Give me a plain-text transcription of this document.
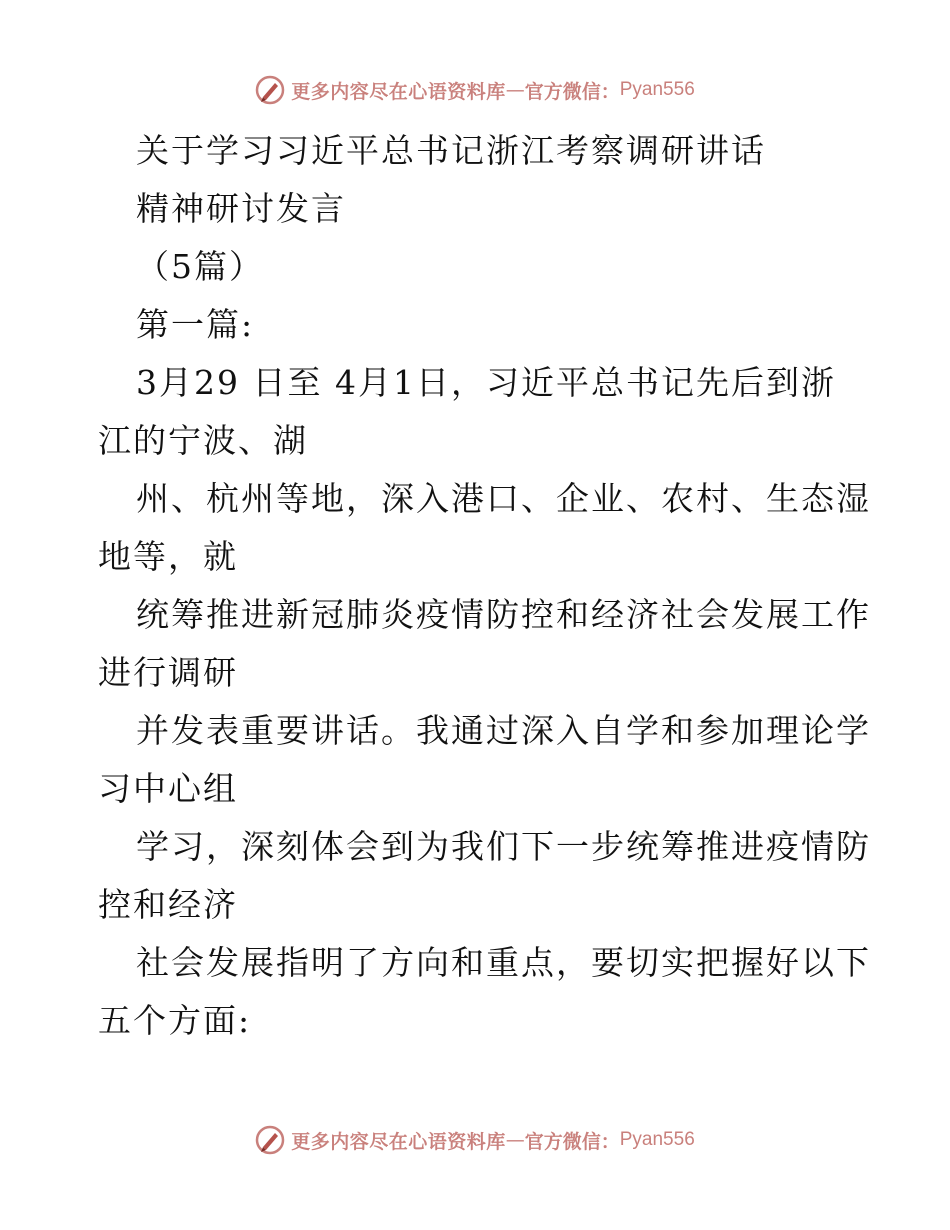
更多内容尽在心语资料库 — 官方微信： Pyan556
关于学习习近平总书记浙江考察调研讲话
精神研讨发言
（5篇）
第一篇:
3月29 日至 4月1日，习近平总书记先后到浙
江的宁波、湖
州、杭州等地，深入港口、企业、农村、生态湿
地等，就
统筹推进新冠肺炎疫情防控和经济社会发展工作
进行调研
并发表重要讲话。我通过深入自学和参加理论学
习中心组
学习，深刻体会到为我们下一步统筹推进疫情防
控和经济
社会发展指明了方向和重点，要切实把握好以下
五个方面:
更多内容尽在心语资料库 — 官方微信： Pyan556
